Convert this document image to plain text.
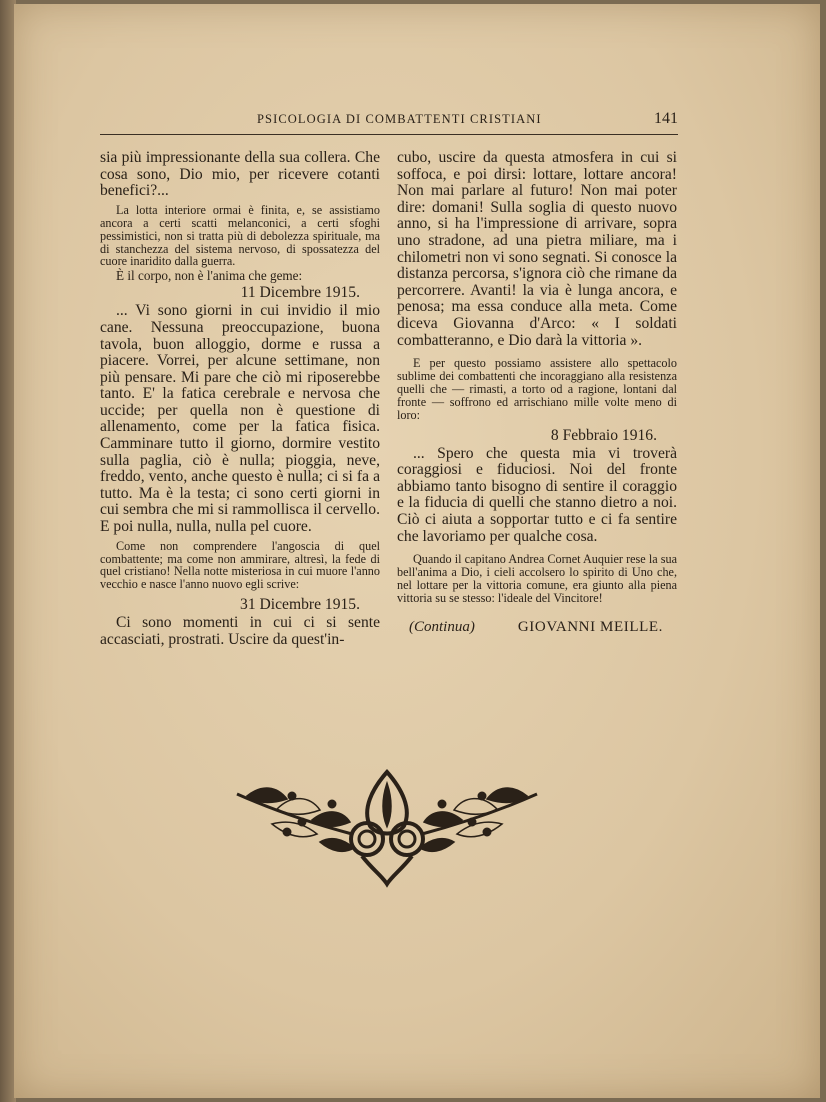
PSICOLOGIA DI COMBATTENTI CRISTIANI	141

sia più impressionante della sua collera. Che cosa sono, Dio mio, per ricevere cotanti benefici?...

La lotta interiore ormai è finita, e, se assistiamo ancora a certi scatti melanconici, a certi sfoghi pessimistici, non si tratta più di debolezza spirituale, ma di stanchezza del sistema nervoso, di spossatezza del cuore inaridito dalla guerra.

È il corpo, non è l'anima che geme:

11 Dicembre 1915.

... Vi sono giorni in cui invidio il mio cane. Nessuna preoccupazione, buona tavola, buon alloggio, dorme e russa a piacere. Vorrei, per alcune settimane, non più pensare. Mi pare che ciò mi riposerebbe tanto. E' la fatica cerebrale e nervosa che uccide; per quella non è questione di allenamento, come per la fatica fisica. Camminare tutto il giorno, dormire vestito sulla paglia, ciò è nulla; pioggia, neve, freddo, vento, anche questo è nulla; ci si fa a tutto. Ma è la testa; ci sono certi giorni in cui sembra che mi si rammollisca il cervello. E poi nulla, nulla, nulla pel cuore.

Come non comprendere l'angoscia di quel combattente; ma come non ammirare, altresì, la fede di quel cristiano! Nella notte misteriosa in cui muore l'anno vecchio e nasce l'anno nuovo egli scrive:

31 Dicembre 1915.

Ci sono momenti in cui ci si sente accasciati, prostrati. Uscire da quest'in-

cubo, uscire da questa atmosfera in cui si soffoca, e poi dirsi: lottare, lottare ancora! Non mai parlare al futuro! Non mai poter dire: domani! Sulla soglia di questo nuovo anno, si ha l'impressione di arrivare, sopra uno stradone, ad una pietra miliare, ma i chilometri non vi sono segnati. Si conosce la distanza percorsa, s'ignora ciò che rimane da percorrere. Avanti! la via è lunga ancora, e penosa; ma essa conduce alla meta. Come diceva Giovanna d'Arco: « I soldati combatteranno, e Dio darà la vittoria ».

E per questo possiamo assistere allo spettacolo sublime dei combattenti che incoraggiano alla resistenza quelli che — rimasti, a torto od a ragione, lontani dal fronte — soffrono ed arrischiano mille volte meno di loro:

8 Febbraio 1916.

... Spero che questa mia vi troverà coraggiosi e fiduciosi. Noi del fronte abbiamo tanto bisogno di sentire il coraggio e la fiducia di quelli che stanno dietro a noi. Ciò ci aiuta a sopportar tutto e ci fa sentire che lavoriamo per qualche cosa.

Quando il capitano Andrea Cornet Auquier rese la sua bell'anima a Dio, i cieli accolsero lo spirito di Uno che, nel lottare per la vittoria comune, era giunto alla piena vittoria su se stesso: l'ideale del Vincitore!

(Continua)	GIOVANNI MEILLE.
